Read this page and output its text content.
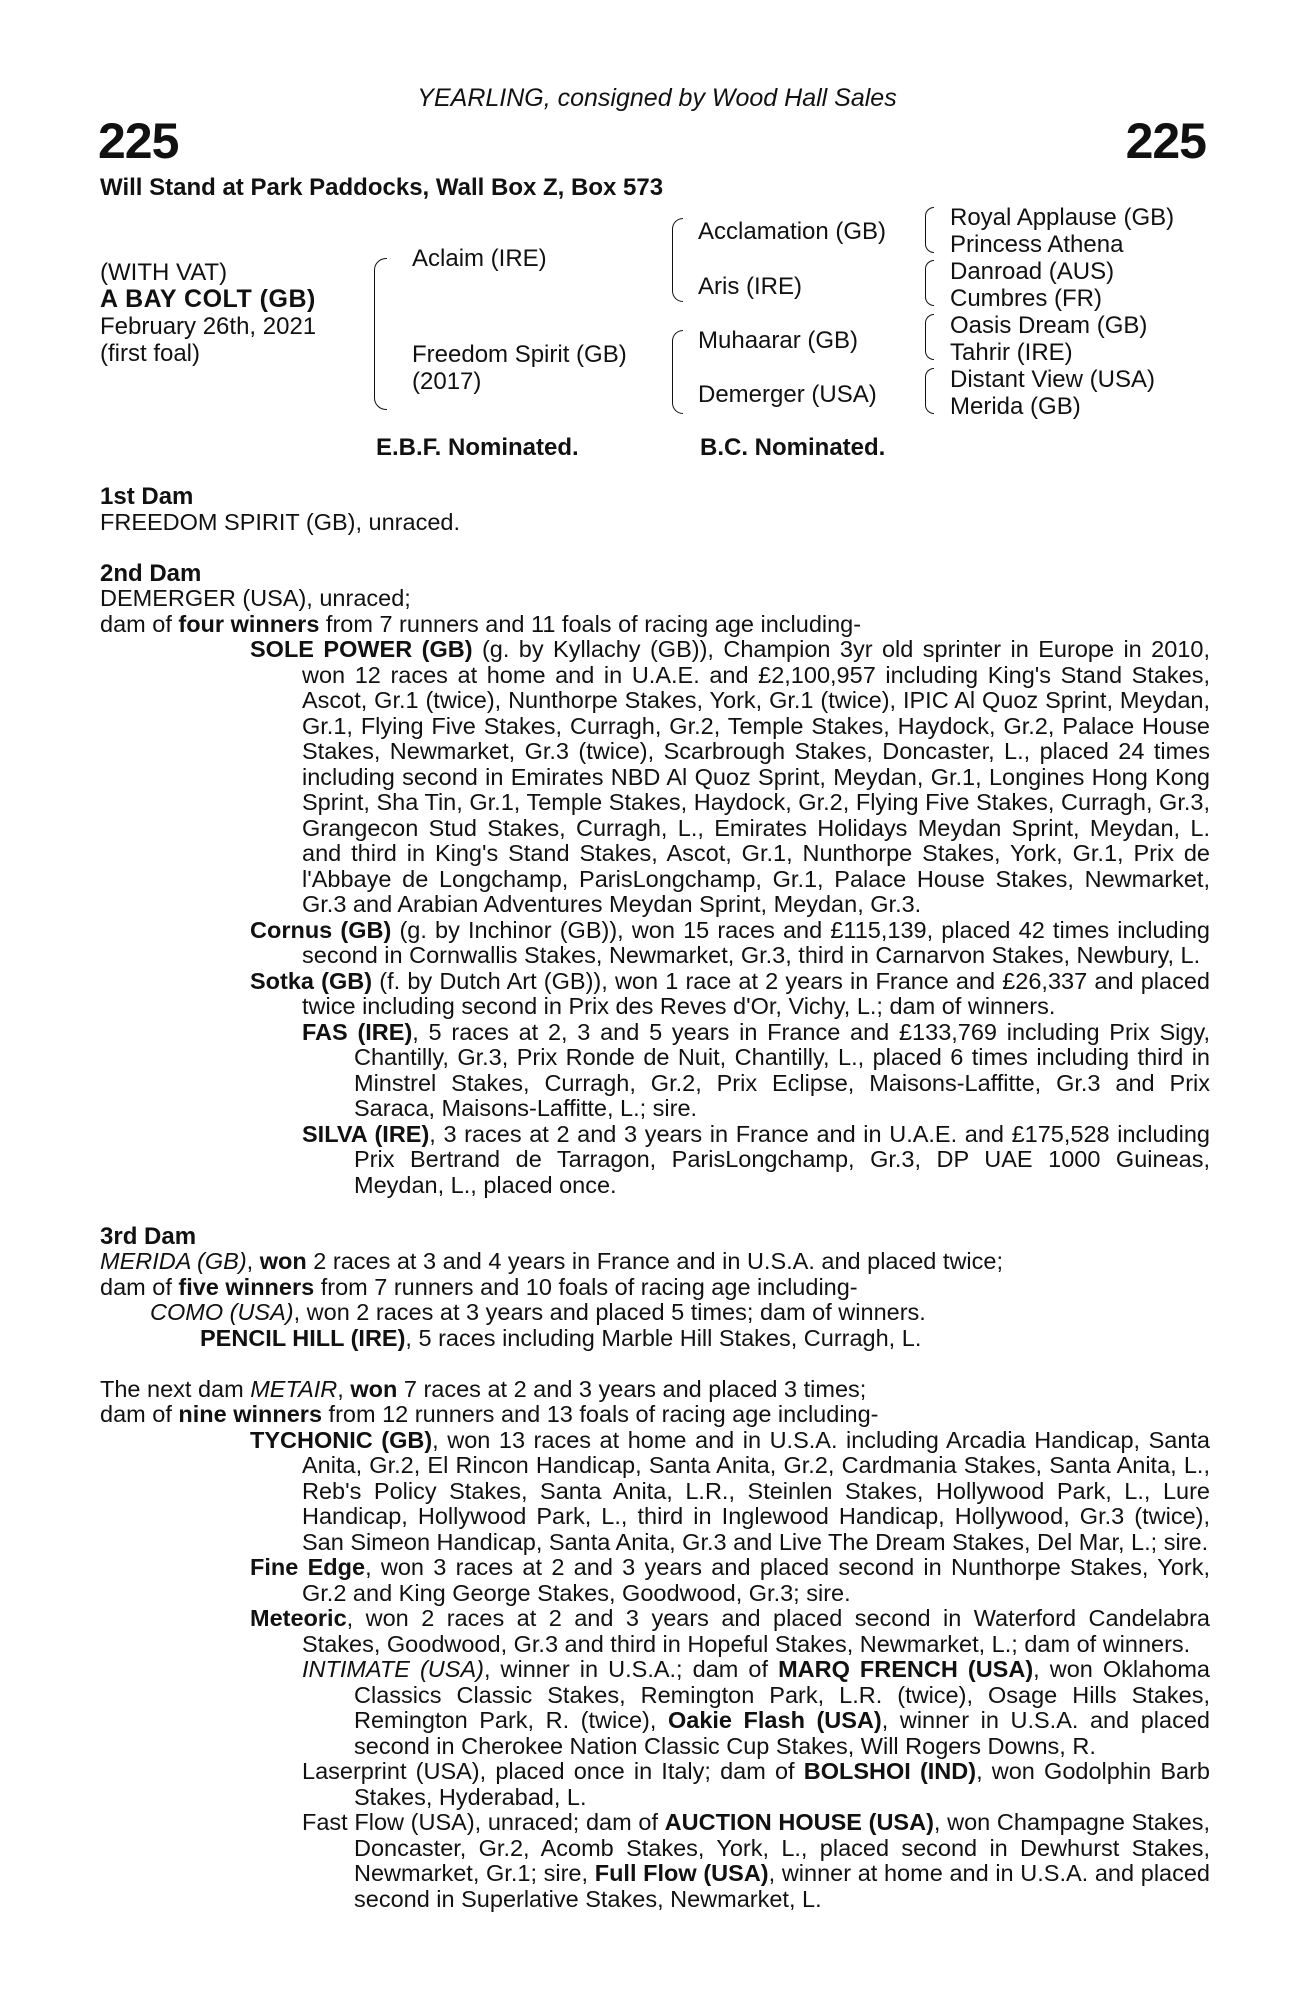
YEARLING, consigned by Wood Hall Sales
225	225
Will Stand at Park Paddocks, Wall Box Z, Box 573
(WITH VAT)
A BAY COLT (GB)
February 26th, 2021
(first foal)
Aclaim (IRE)
Freedom Spirit (GB)
(2017)
Acclamation (GB)
Aris (IRE)
Muhaarar (GB)
Demerger (USA)
Royal Applause (GB)
Princess Athena
Danroad (AUS)
Cumbres (FR)
Oasis Dream (GB)
Tahrir (IRE)
Distant View (USA)
Merida (GB)
E.B.F. Nominated.	B.C. Nominated.

1st Dam

FREEDOM SPIRIT (GB), unraced.

2nd Dam

DEMERGER (USA), unraced;

dam of four winners from 7 runners and 11 foals of racing age including-

SOLE POWER (GB) (g. by Kyllachy (GB)), Champion 3yr old sprinter in Europe in 2010, won 12 races at home and in U.A.E. and £2,100,957 including King's Stand Stakes, Ascot, Gr.1 (twice), Nunthorpe Stakes, York, Gr.1 (twice), IPIC Al Quoz Sprint, Meydan, Gr.1, Flying Five Stakes, Curragh, Gr.2, Temple Stakes, Haydock, Gr.2, Palace House Stakes, Newmarket, Gr.3 (twice), Scarbrough Stakes, Doncaster, L., placed 24 times including second in Emirates NBD Al Quoz Sprint, Meydan, Gr.1, Longines Hong Kong Sprint, Sha Tin, Gr.1, Temple Stakes, Haydock, Gr.2, Flying Five Stakes, Curragh, Gr.3, Grangecon Stud Stakes, Curragh, L., Emirates Holidays Meydan Sprint, Meydan, L. and third in King's Stand Stakes, Ascot, Gr.1, Nunthorpe Stakes, York, Gr.1, Prix de l'Abbaye de Longchamp, ParisLongchamp, Gr.1, Palace House Stakes, Newmarket, Gr.3 and Arabian Adventures Meydan Sprint, Meydan, Gr.3.

Cornus (GB) (g. by Inchinor (GB)), won 15 races and £115,139, placed 42 times including second in Cornwallis Stakes, Newmarket, Gr.3, third in Carnarvon Stakes, Newbury, L.

Sotka (GB) (f. by Dutch Art (GB)), won 1 race at 2 years in France and £26,337 and placed twice including second in Prix des Reves d'Or, Vichy, L.; dam of winners.

FAS (IRE), 5 races at 2, 3 and 5 years in France and £133,769 including Prix Sigy, Chantilly, Gr.3, Prix Ronde de Nuit, Chantilly, L., placed 6 times including third in Minstrel Stakes, Curragh, Gr.2, Prix Eclipse, Maisons-Laffitte, Gr.3 and Prix Saraca, Maisons-Laffitte, L.; sire.

SILVA (IRE), 3 races at 2 and 3 years in France and in U.A.E. and £175,528 including Prix Bertrand de Tarragon, ParisLongchamp, Gr.3, DP UAE 1000 Guineas, Meydan, L., placed once.

3rd Dam

MERIDA (GB), won 2 races at 3 and 4 years in France and in U.S.A. and placed twice;

dam of five winners from 7 runners and 10 foals of racing age including-

COMO (USA), won 2 races at 3 years and placed 5 times; dam of winners.

PENCIL HILL (IRE), 5 races including Marble Hill Stakes, Curragh, L.

The next dam METAIR, won 7 races at 2 and 3 years and placed 3 times;

dam of nine winners from 12 runners and 13 foals of racing age including-

TYCHONIC (GB), won 13 races at home and in U.S.A. including Arcadia Handicap, Santa Anita, Gr.2, El Rincon Handicap, Santa Anita, Gr.2, Cardmania Stakes, Santa Anita, L., Reb's Policy Stakes, Santa Anita, L.R., Steinlen Stakes, Hollywood Park, L., Lure Handicap, Hollywood Park, L., third in Inglewood Handicap, Hollywood, Gr.3 (twice), San Simeon Handicap, Santa Anita, Gr.3 and Live The Dream Stakes, Del Mar, L.; sire.

Fine Edge, won 3 races at 2 and 3 years and placed second in Nunthorpe Stakes, York, Gr.2 and King George Stakes, Goodwood, Gr.3; sire.

Meteoric, won 2 races at 2 and 3 years and placed second in Waterford Candelabra Stakes, Goodwood, Gr.3 and third in Hopeful Stakes, Newmarket, L.; dam of winners.

INTIMATE (USA), winner in U.S.A.; dam of MARQ FRENCH (USA), won Oklahoma Classics Classic Stakes, Remington Park, L.R. (twice), Osage Hills Stakes, Remington Park, R. (twice), Oakie Flash (USA), winner in U.S.A. and placed second in Cherokee Nation Classic Cup Stakes, Will Rogers Downs, R.

Laserprint (USA), placed once in Italy; dam of BOLSHOI (IND), won Godolphin Barb Stakes, Hyderabad, L.

Fast Flow (USA), unraced; dam of AUCTION HOUSE (USA), won Champagne Stakes, Doncaster, Gr.2, Acomb Stakes, York, L., placed second in Dewhurst Stakes, Newmarket, Gr.1; sire, Full Flow (USA), winner at home and in U.S.A. and placed second in Superlative Stakes, Newmarket, L.
